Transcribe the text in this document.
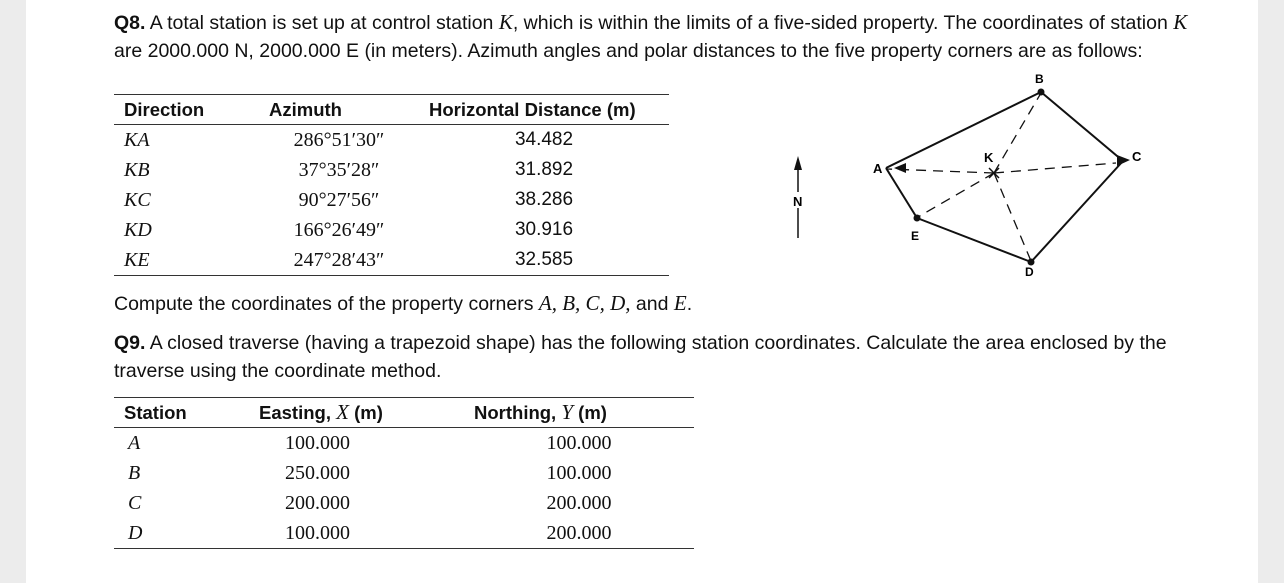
Q8. A total station is set up at control station K, which is within the limits of a five-sided property. The coordinates of station K are 2000.000 N, 2000.000 E (in meters). Azimuth angles and polar distances to the five property corners are as follows:
Direction	Azimuth	Horizontal Distance (m)
KA	286°51′30″	34.482
KB	37°35′28″	31.892
KC	90°27′56″	38.286
KD	166°26′49″	30.916
KE	247°28′43″	32.585
N
B
C
A
D
E
K
Compute the coordinates of the property corners A, B, C, D, and E.
Q9. A closed traverse (having a trapezoid shape) has the following station coordinates. Calculate the area enclosed by the traverse using the coordinate method.
Station	Easting, X (m)	Northing, Y (m)
A	100.000	100.000
B	250.000	100.000
C	200.000	200.000
D	100.000	200.000
